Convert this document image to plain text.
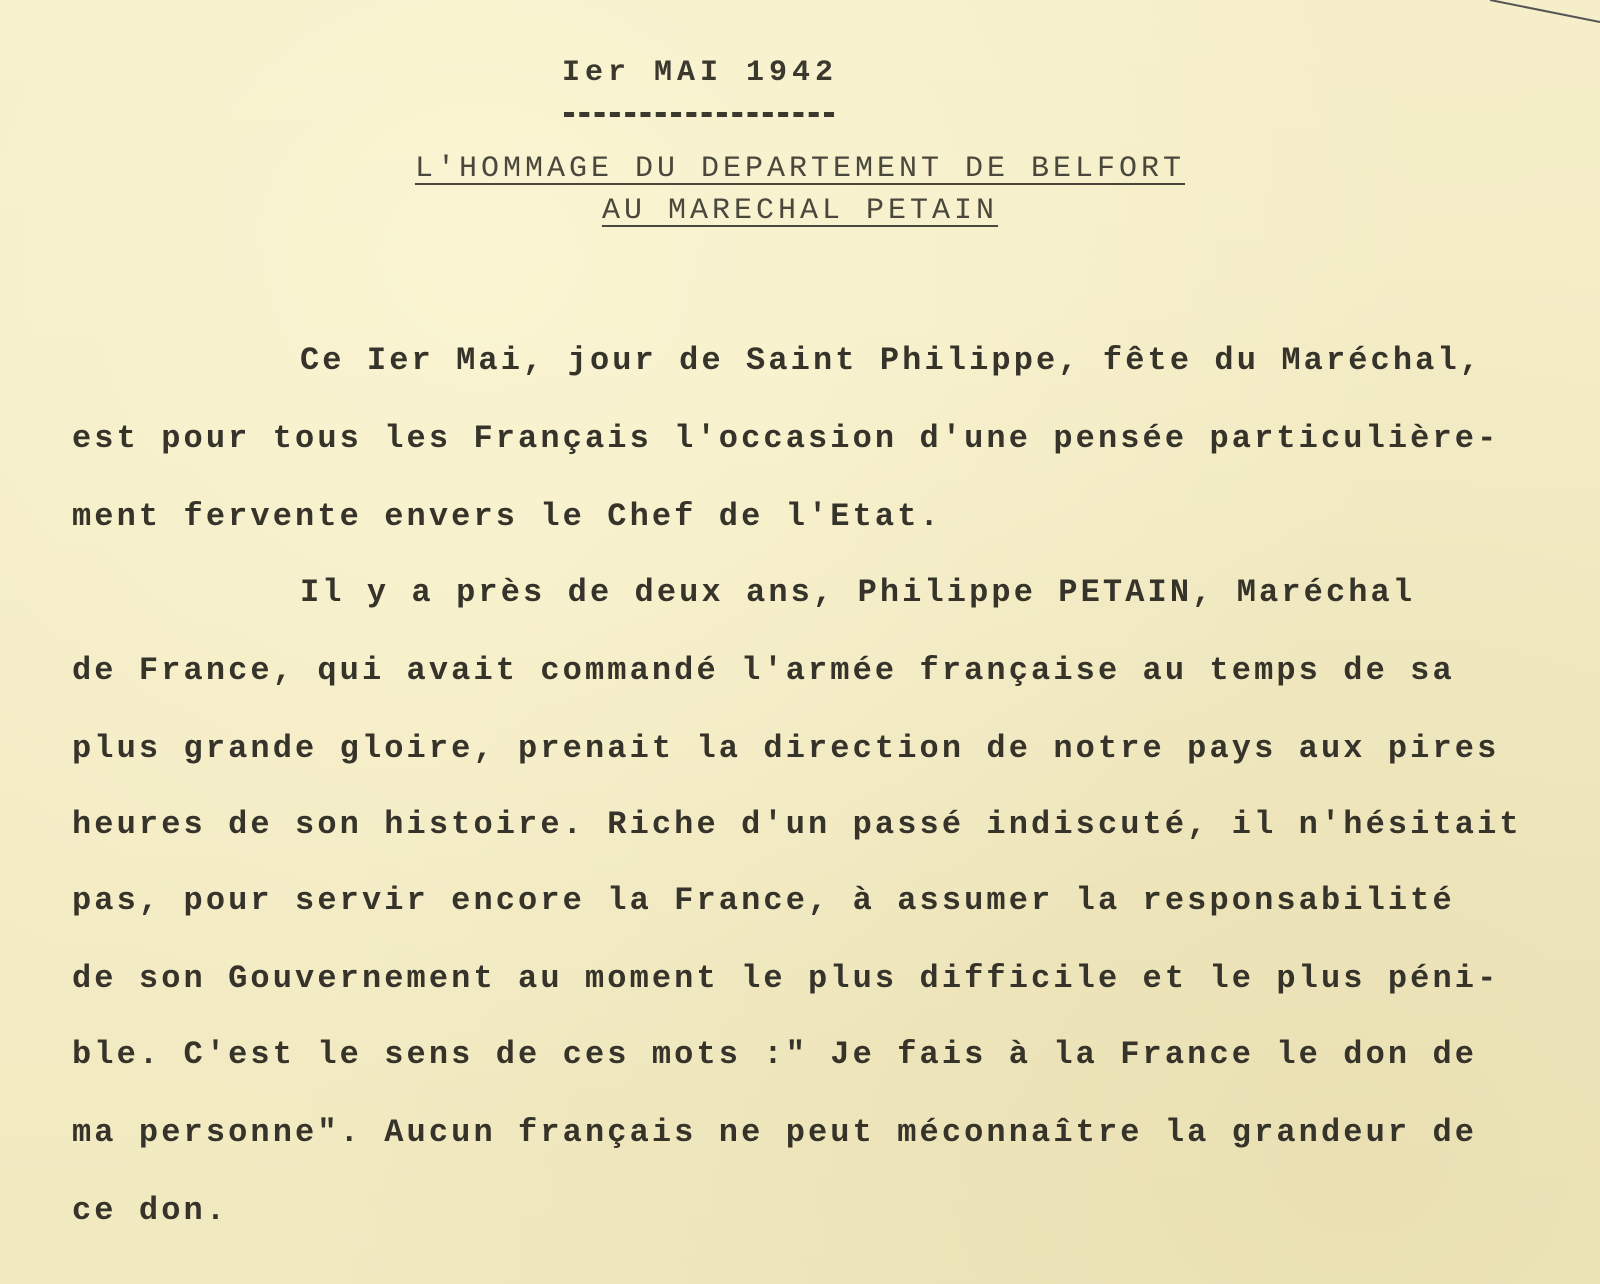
Ier MAI 1942
L'HOMMAGE DU DEPARTEMENT DE BELFORT
AU MARECHAL PETAIN
Ce Ier Mai, jour de Saint Philippe, fête du Maréchal,
est pour tous les Français l'occasion d'une pensée particulière-
ment fervente envers le Chef de l'Etat.
Il y a près de deux ans, Philippe PETAIN, Maréchal
de France, qui avait commandé l'armée française au temps de sa
plus grande gloire, prenait la direction de notre pays aux pires
heures de son histoire. Riche d'un passé indiscuté, il n'hésitait
pas, pour servir encore la France, à assumer la responsabilité
de son Gouvernement au moment le plus difficile et le plus péni-
ble. C'est le sens de ces mots :" Je fais à la France le don de
ma personne". Aucun français ne peut méconnaître la grandeur de
ce don.
